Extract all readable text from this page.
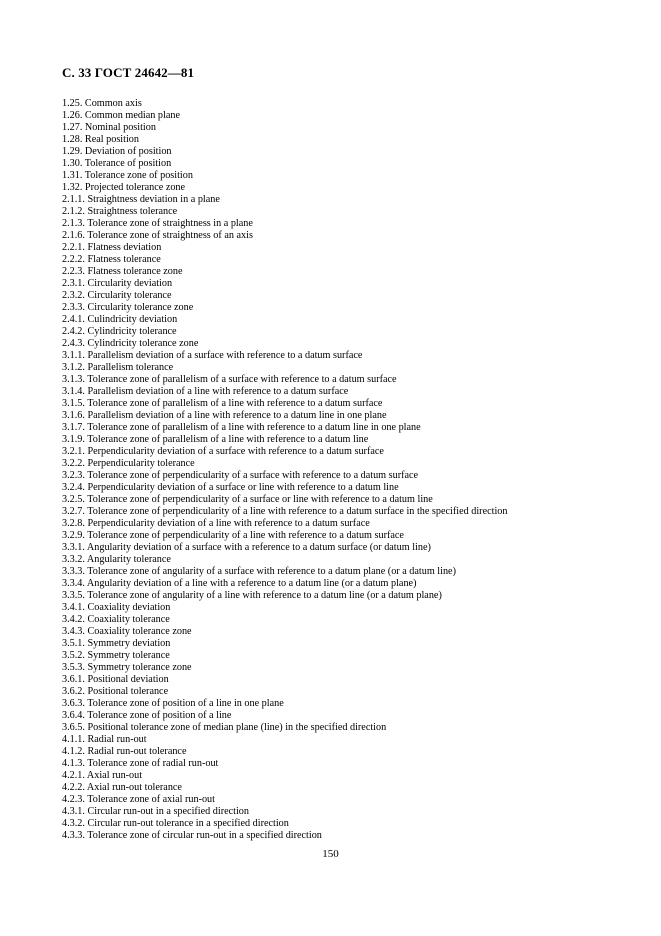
С. 33 ГОСТ 24642—81
1.25. Common axis
1.26. Common median plane
1.27. Nominal position
1.28. Real position
1.29. Deviation of position
1.30. Tolerance of position
1.31. Tolerance zone of position
1.32. Projected tolerance zone
2.1.1. Straightness deviation in a plane
2.1.2. Straightness tolerance
2.1.3. Tolerance zone of straightness in a plane
2.1.6. Tolerance zone of straightness of an axis
2.2.1. Flatness deviation
2.2.2. Flatness tolerance
2.2.3. Flatness tolerance zone
2.3.1. Circularity deviation
2.3.2. Circularity tolerance
2.3.3. Circularity tolerance zone
2.4.1. Culindricity deviation
2.4.2. Cylindricity tolerance
2.4.3. Cylindricity tolerance zone
3.1.1. Parallelism deviation of a surface with reference to a datum surface
3.1.2. Parallelism tolerance
3.1.3. Tolerance zone of parallelism of a surface with reference to a datum surface
3.1.4. Parallelism deviation of a line with reference to a datum surface
3.1.5. Tolerance zone of parallelism of a line with reference to a datum surface
3.1.6. Parallelism deviation of a line with reference to a datum line in one plane
3.1.7. Tolerance zone of parallelism of a line with reference to a datum line in one plane
3.1.9. Tolerance zone of parallelism of a line with reference to a datum line
3.2.1. Perpendicularity deviation of a surface with reference to a datum surface
3.2.2. Perpendicularity tolerance
3.2.3. Tolerance zone of perpendicularity of a surface with reference to a datum surface
3.2.4. Perpendicularity deviation of a surface or line with reference to a datum line
3.2.5. Tolerance zone of perpendicularity of a surface or line with reference to a datum line
3.2.7. Tolerance zone of perpendicularity of a line with reference to a datum surface in the specified direction
3.2.8. Perpendicularity deviation of a line with reference to a datum surface
3.2.9. Tolerance zone of perpendicularity of a line with reference to a datum surface
3.3.1. Angularity deviation of a surface with a reference to a datum surface (or datum line)
3.3.2. Angularity tolerance
3.3.3. Tolerance zone of angularity of a surface with reference to a datum plane (or a datum line)
3.3.4. Angularity deviation of a line with a reference to a datum line (or a datum plane)
3.3.5. Tolerance zone of angularity of a line with reference to a datum line (or a datum plane)
3.4.1. Coaxiality deviation
3.4.2. Coaxiality tolerance
3.4.3. Coaxiality tolerance zone
3.5.1. Symmetry deviation
3.5.2. Symmetry tolerance
3.5.3. Symmetry tolerance zone
3.6.1. Positional deviation
3.6.2. Positional tolerance
3.6.3. Tolerance zone of position of a line in one plane
3.6.4. Tolerance zone of position of a line
3.6.5. Positional tolerance zone of median plane (line) in the specified direction
4.1.1. Radial run-out
4.1.2. Radial run-out tolerance
4.1.3. Tolerance zone of radial run-out
4.2.1. Axial run-out
4.2.2. Axial run-out tolerance
4.2.3. Tolerance zone of axial run-out
4.3.1. Circular run-out in a specified direction
4.3.2. Circular run-out tolerance in a specified direction
4.3.3. Tolerance zone of circular run-out in a specified direction
150
